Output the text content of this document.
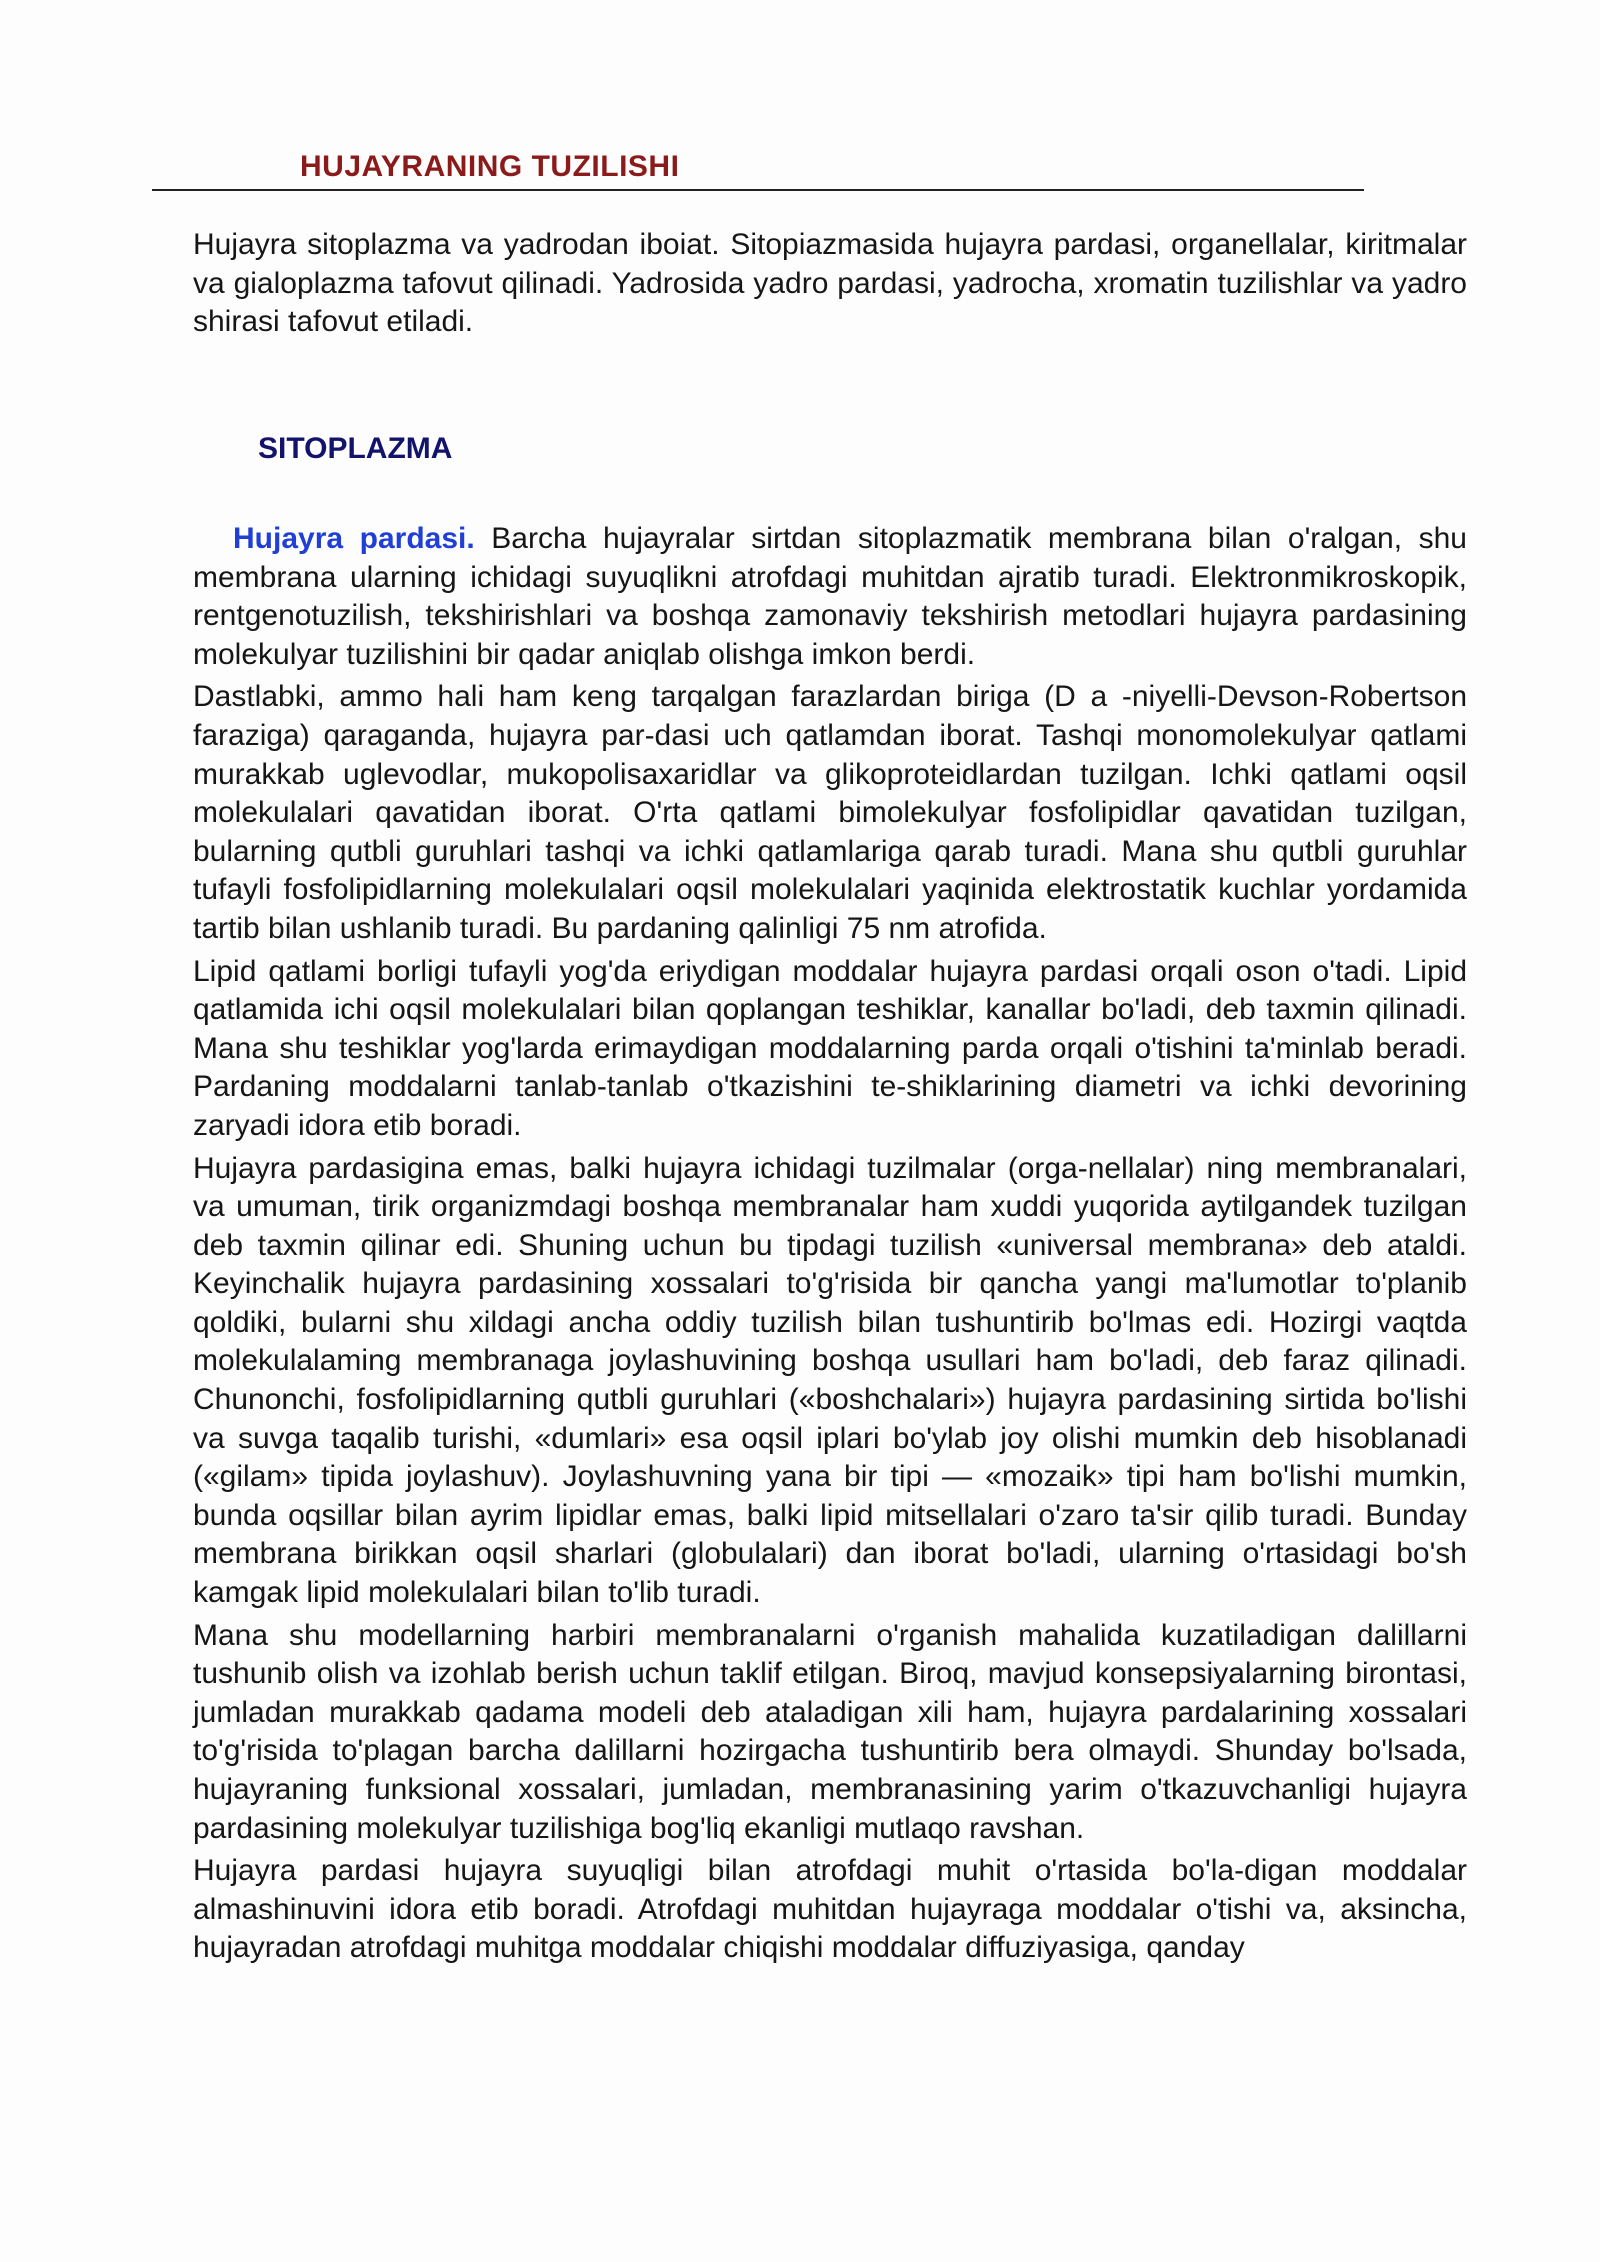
HUJAYRANING TUZILISHI

Hujayra sitoplazma va yadrodan iboiat. Sitopiazmasida hujayra pardasi, organellalar, kiritmalar va gialoplazma tafovut qilinadi. Yadrosida yadro pardasi, yadrocha, xromatin tuzilishlar va yadro shirasi tafovut etiladi.

SITOPLAZMA

Hujayra pardasi. Barcha hujayralar sirtdan sitoplazmatik membrana bilan o'ralgan, shu membrana ularning ichidagi suyuqlikni atrofdagi muhitdan ajratib turadi. Elektronmikroskopik, rentgenotuzilish, tekshirishlari va boshqa zamonaviy tekshirish metodlari hujayra pardasining molekulyar tuzilishini bir qadar aniqlab olishga imkon berdi.

Dastlabki, ammo hali ham keng tarqalgan farazlardan biriga (D a -niyelli-Devson-Robertson faraziga) qaraganda, hujayra par-dasi uch qatlamdan iborat. Tashqi monomolekulyar qatlami murakkab uglevodlar, mukopolisaxaridlar va glikoproteidlardan tuzilgan. Ichki qatlami oqsil molekulalari qavatidan iborat. O'rta qatlami bimolekulyar fosfolipidlar qavatidan tuzilgan, bularning qutbli guruhlari tashqi va ichki qatlamlariga qarab turadi. Mana shu qutbli guruhlar tufayli fosfolipidlarning molekulalari oqsil molekulalari yaqinida elektrostatik kuchlar yordamida tartib bilan ushlanib turadi. Bu pardaning qalinligi 75 nm atrofida.

Lipid qatlami borligi tufayli yog'da eriydigan moddalar hujayra pardasi orqali oson o'tadi. Lipid qatlamida ichi oqsil molekulalari bilan qoplangan teshiklar, kanallar bo'ladi, deb taxmin qilinadi. Mana shu teshiklar yog'larda erimaydigan moddalarning parda orqali o'tishini ta'minlab beradi. Pardaning moddalarni tanlab-tanlab o'tkazishini te-shiklarining diametri va ichki devorining zaryadi idora etib boradi.

Hujayra pardasigina emas, balki hujayra ichidagi tuzilmalar (orga-nellalar) ning membranalari, va umuman, tirik organizmdagi boshqa membranalar ham xuddi yuqorida aytilgandek tuzilgan deb taxmin qilinar edi. Shuning uchun bu tipdagi tuzilish «universal membrana» deb ataldi. Keyinchalik hujayra pardasining xossalari to'g'risida bir qancha yangi ma'lumotlar to'planib qoldiki, bularni shu xildagi ancha oddiy tuzilish bilan tushuntirib bo'lmas edi. Hozirgi vaqtda molekulalaming membranaga joylashuvining boshqa usullari ham bo'ladi, deb faraz qilinadi. Chunonchi, fosfolipidlarning qutbli guruhlari («boshchalari») hujayra pardasining sirtida bo'lishi va suvga taqalib turishi, «dumlari» esa oqsil iplari bo'ylab joy olishi mumkin deb hisoblanadi («gilam» tipida joylashuv). Joylashuvning yana bir tipi — «mozaik» tipi ham bo'lishi mumkin, bunda oqsillar bilan ayrim lipidlar emas, balki lipid mitsellalari o'zaro ta'sir qilib turadi. Bunday membrana birikkan oqsil sharlari (globulalari) dan iborat bo'ladi, ularning o'rtasidagi bo'sh kamgak lipid molekulalari bilan to'lib turadi.

Mana shu modellarning harbiri membranalarni o'rganish mahalida kuzatiladigan dalillarni tushunib olish va izohlab berish uchun taklif etilgan. Biroq, mavjud konsepsiyalarning birontasi, jumladan murakkab qadama modeli deb ataladigan xili ham, hujayra pardalarining xossalari to'g'risida to'plagan barcha dalillarni hozirgacha tushuntirib bera olmaydi. Shunday bo'lsada, hujayraning funksional xossalari, jumladan, membranasining yarim o'tkazuvchanligi hujayra pardasining molekulyar tuzilishiga bog'liq ekanligi mutlaqo ravshan.

Hujayra pardasi hujayra suyuqligi bilan atrofdagi muhit o'rtasida bo'la-digan moddalar almashinuvini idora etib boradi. Atrofdagi muhitdan hujayraga moddalar o'tishi va, aksincha, hujayradan atrofdagi muhitga moddalar chiqishi moddalar diffuziyasiga, qanday
